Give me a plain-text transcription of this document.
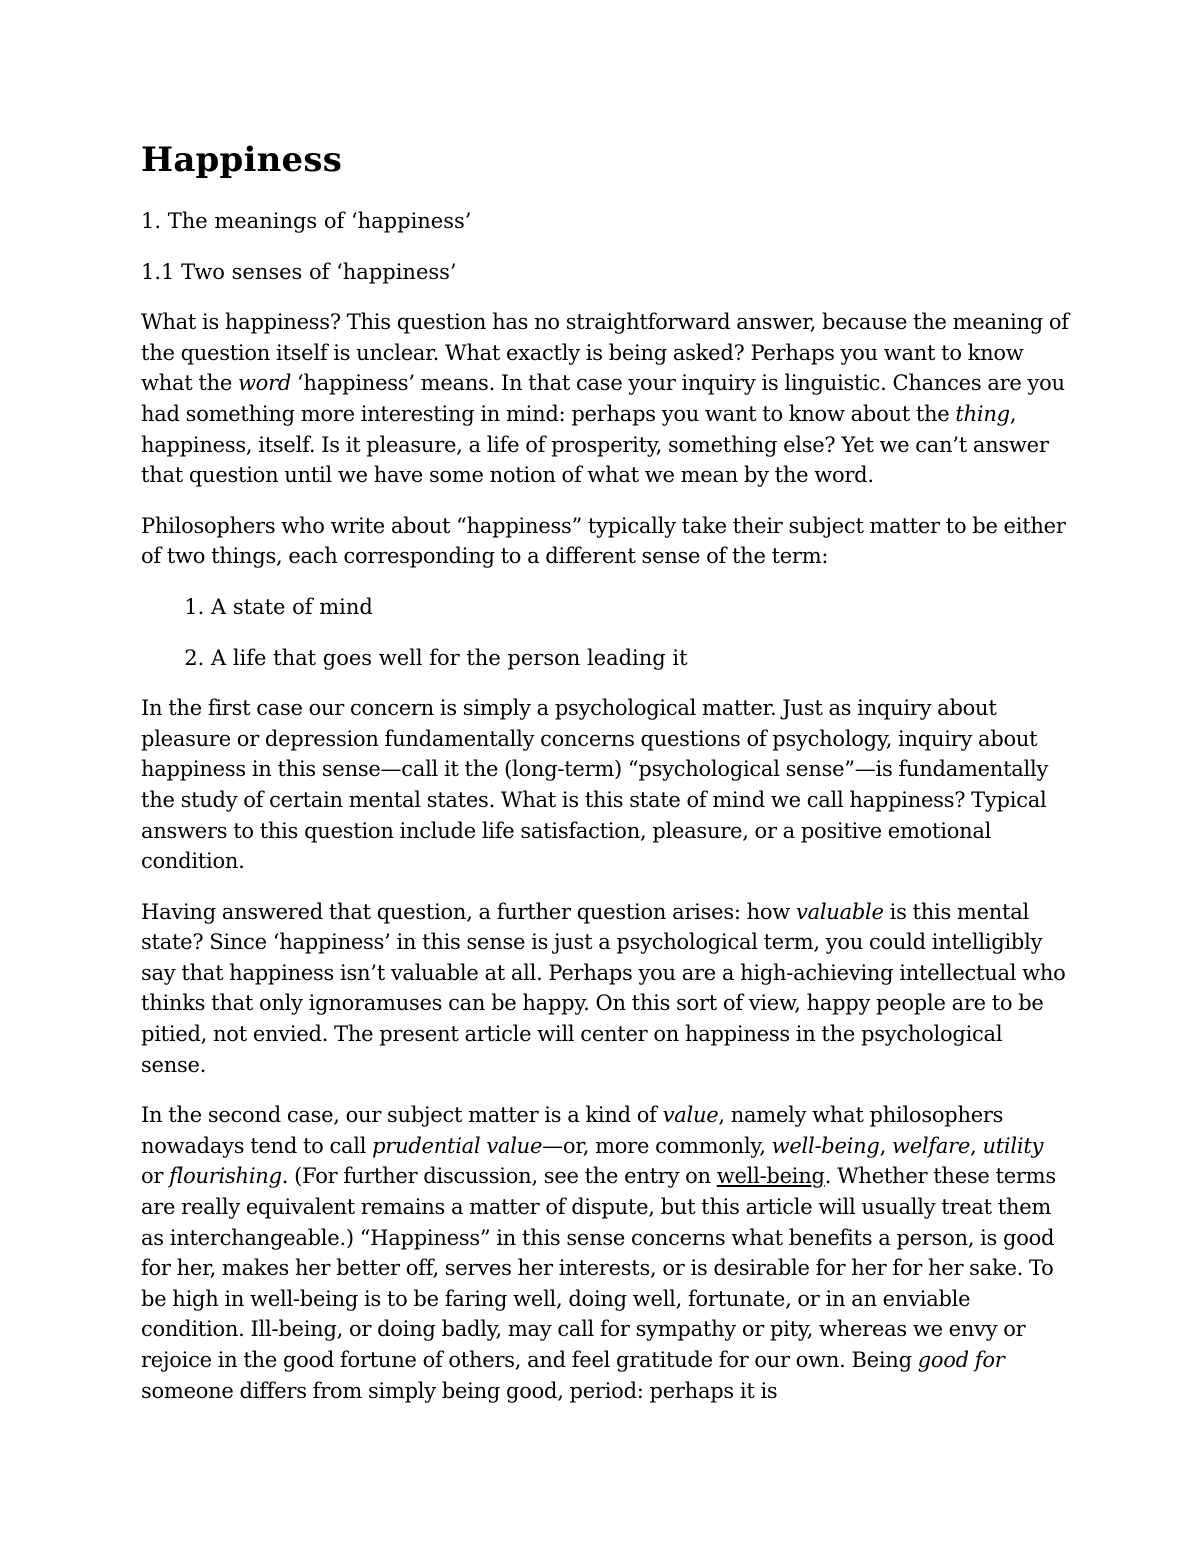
Happiness
1. The meanings of ‘happiness’
1.1 Two senses of ‘happiness’

What is happiness? This question has no straightforward answer, because the meaning of the question itself is unclear. What exactly is being asked? Perhaps you want to know what the word ‘happiness’ means. In that case your inquiry is linguistic. Chances are you had something more interesting in mind: perhaps you want to know about the thing, happiness, itself. Is it pleasure, a life of prosperity, something else? Yet we can’t answer that question until we have some notion of what we mean by the word.

Philosophers who write about “happiness” typically take their subject matter to be either of two things, each corresponding to a different sense of the term:

1. A state of mind
2. A life that goes well for the person leading it

In the first case our concern is simply a psychological matter. Just as inquiry about pleasure or depression fundamentally concerns questions of psychology, inquiry about happiness in this sense—call it the (long-term) “psychological sense”—is fundamentally the study of certain mental states. What is this state of mind we call happiness? Typical answers to this question include life satisfaction, pleasure, or a positive emotional condition.

Having answered that question, a further question arises: how valuable is this mental state? Since ‘happiness’ in this sense is just a psychological term, you could intelligibly say that happiness isn’t valuable at all. Perhaps you are a high-achieving intellectual who thinks that only ignoramuses can be happy. On this sort of view, happy people are to be pitied, not envied. The present article will center on happiness in the psychological sense.

In the second case, our subject matter is a kind of value, namely what philosophers nowadays tend to call prudential value—or, more commonly, well-being, welfare, utility or flourishing. (For further discussion, see the entry on well-being. Whether these terms are really equivalent remains a matter of dispute, but this article will usually treat them as interchangeable.) “Happiness” in this sense concerns what benefits a person, is good for her, makes her better off, serves her interests, or is desirable for her for her sake. To be high in well-being is to be faring well, doing well, fortunate, or in an enviable condition. Ill-being, or doing badly, may call for sympathy or pity, whereas we envy or rejoice in the good fortune of others, and feel gratitude for our own. Being good for someone differs from simply being good, period: perhaps it is
